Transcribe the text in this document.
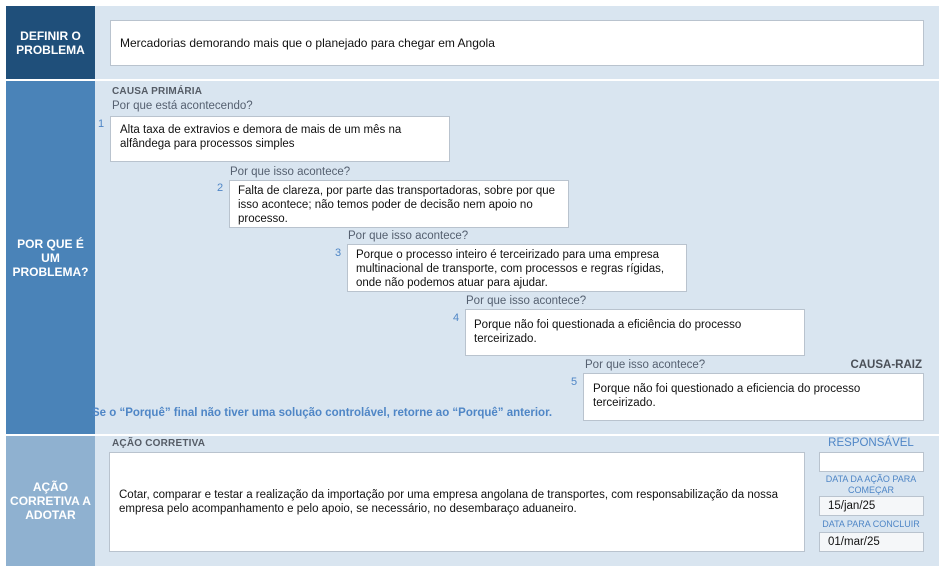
DEFINIR O
PROBLEMA	Mercadorias demorando mais que o planejado para chegar em Angola
POR QUE É
UM
PROBLEMA?
CAUSA PRIMÁRIA
Por que está acontecendo?
1	Alta taxa de extravios e demora de mais de um mês na alfândega para processos simples
Por que isso acontece?
2	Falta de clareza, por parte das transportadoras, sobre por que isso acontece; não temos poder de decisão nem apoio no processo.
Por que isso acontece?
3	Porque o processo inteiro é terceirizado para uma empresa multinacional de transporte, com processos e regras rígidas, onde não podemos atuar para ajudar.
Por que isso acontece?
4
Porque não foi questionada a eficiência do processo terceirizado.
Por que isso acontece?	CAUSA-RAIZ
5
Porque não foi questionado a eficiencia do processo terceirizado.
Se o “Porquê” final não tiver uma solução controlável, retorne ao “Porquê” anterior.
AÇÃO
CORRETIVA A
ADOTAR
AÇÃO CORRETIVA
Cotar, comparar e testar a realização da importação por uma empresa angolana de transportes, com responsabilização da nossa empresa pelo acompanhamento e pelo apoio, se necessário, no desembaraço aduaneiro.
RESPONSÁVEL
DATA DA AÇÃO PARA
COMEÇAR
15/jan/25
DATA PARA CONCLUIR
01/mar/25
